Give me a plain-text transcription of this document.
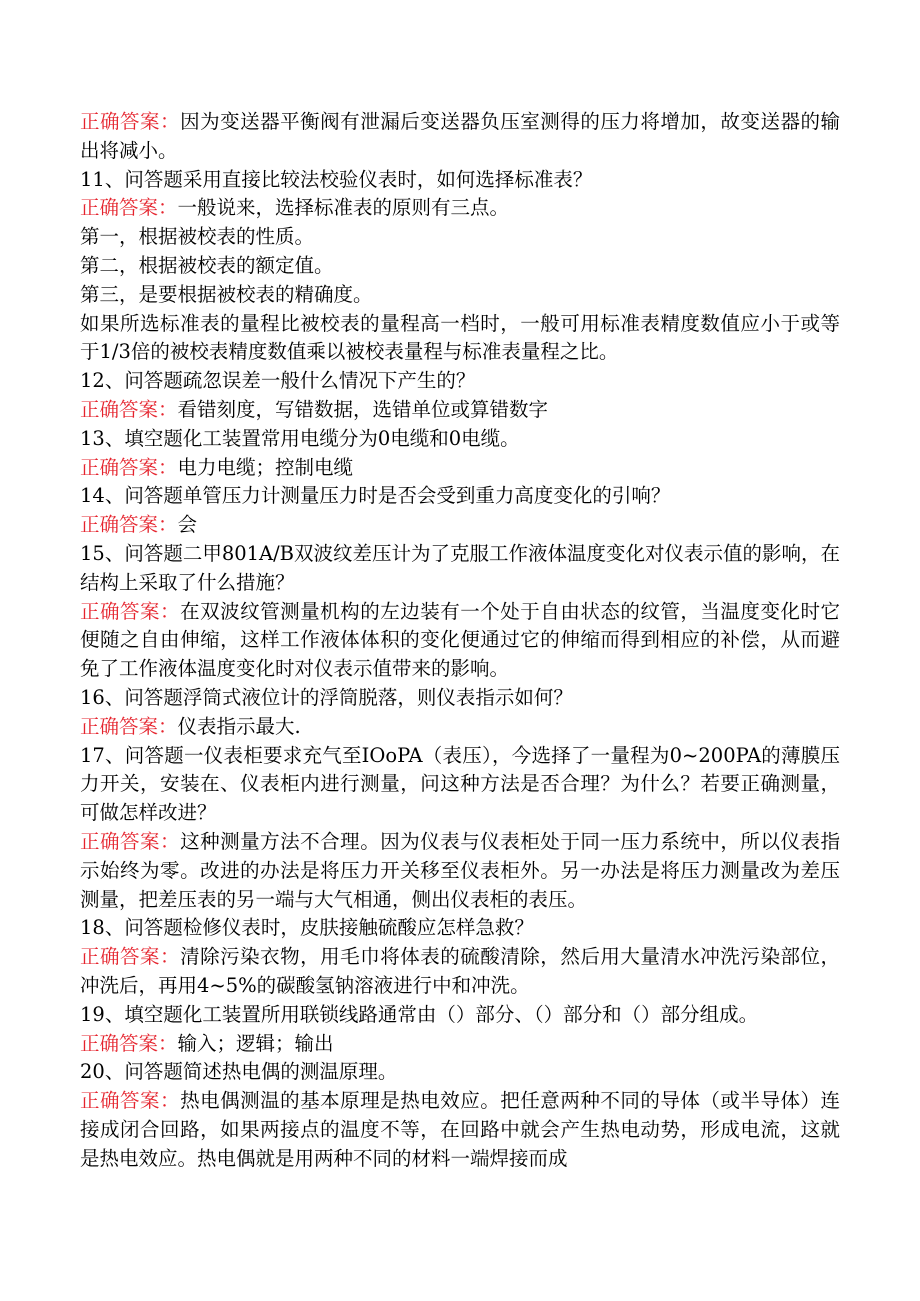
正确答案：因为变送器平衡阀有泄漏后变送器负压室测得的压力将增加，故变送器的输出将减小。

11、问答题采用直接比较法校验仪表时，如何选择标准表？

正确答案：一般说来，选择标准表的原则有三点。

第一，根据被校表的性质。

第二，根据被校表的额定值。

第三，是要根据被校表的精确度。

如果所选标准表的量程比被校表的量程高一档时，一般可用标准表精度数值应小于或等于1/3倍的被校表精度数值乘以被校表量程与标准表量程之比。

12、问答题疏忽误差一般什么情况下产生的？

正确答案：看错刻度，写错数据，选错单位或算错数字

13、填空题化工装置常用电缆分为0电缆和0电缆。

正确答案：电力电缆；控制电缆

14、问答题单管压力计测量压力时是否会受到重力高度变化的引响？

正确答案：会

15、问答题二甲801A/B双波纹差压计为了克服工作液体温度变化对仪表示值的影响，在结构上采取了什么措施？

正确答案：在双波纹管测量机构的左边装有一个处于自由状态的纹管，当温度变化时它便随之自由伸缩，这样工作液体体积的变化便通过它的伸缩而得到相应的补偿，从而避免了工作液体温度变化时对仪表示值带来的影响。

16、问答题浮筒式液位计的浮筒脱落，则仪表指示如何？

正确答案：仪表指示最大.

17、问答题一仪表柜要求充气至IOoPA（表压），今选择了一量程为0~200PA的薄膜压力开关，安装在、仪表柜内进行测量，问这种方法是否合理？为什么？若要正确测量，可做怎样改进？

正确答案：这种测量方法不合理。因为仪表与仪表柜处于同一压力系统中，所以仪表指示始终为零。改进的办法是将压力开关移至仪表柜外。另一办法是将压力测量改为差压测量，把差压表的另一端与大气相通，侧出仪表柜的表压。

18、问答题检修仪表时，皮肤接触硫酸应怎样急救？

正确答案：清除污染衣物，用毛巾将体表的硫酸清除，然后用大量清水冲洗污染部位，冲洗后，再用4~5%的碳酸氢钠溶液进行中和冲洗。

19、填空题化工装置所用联锁线路通常由（）部分、（）部分和（）部分组成。

正确答案：输入；逻辑；输出

20、问答题简述热电偶的测温原理。

正确答案：热电偶测温的基本原理是热电效应。把任意两种不同的导体（或半导体）连接成闭合回路，如果两接点的温度不等，在回路中就会产生热电动势，形成电流，这就是热电效应。热电偶就是用两种不同的材料一端焊接而成
